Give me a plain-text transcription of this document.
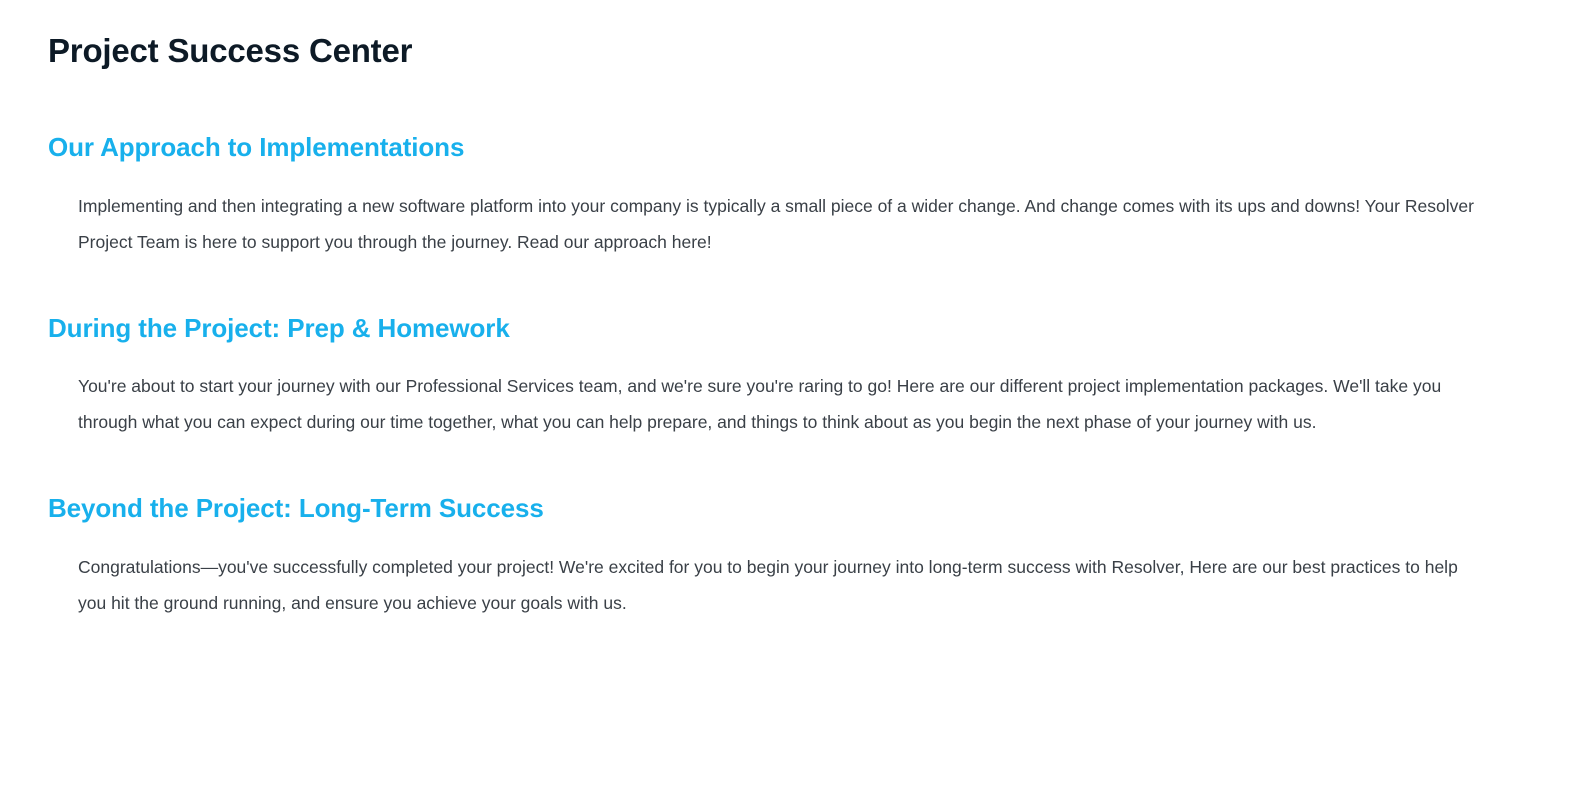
Project Success Center
Our Approach to Implementations

Implementing and then integrating a new software platform into your company is typically a small piece of a wider change. And change comes with its ups and downs! Your Resolver Project Team is here to support you through the journey. Read our approach here!

During the Project: Prep & Homework

You're about to start your journey with our Professional Services team, and we're sure you're raring to go! Here are our different project implementation packages. We'll take you through what you can expect during our time together, what you can help prepare, and things to think about as you begin the next phase of your journey with us.

Beyond the Project: Long-Term Success

Congratulations—you've successfully completed your project! We're excited for you to begin your journey into long-term success with Resolver, Here are our best practices to help you hit the ground running, and ensure you achieve your goals with us.
